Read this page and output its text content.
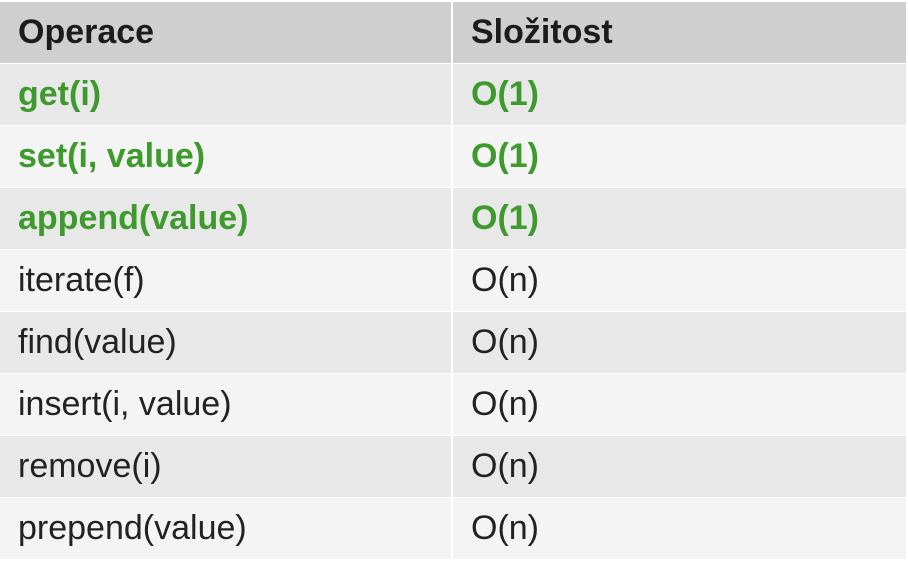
Operace	Složitost
get(i)	O(1)
set(i, value)	O(1)
append(value)	O(1)
iterate(f)	O(n)
find(value)	O(n)
insert(i, value)	O(n)
remove(i)	O(n)
prepend(value)	O(n)
